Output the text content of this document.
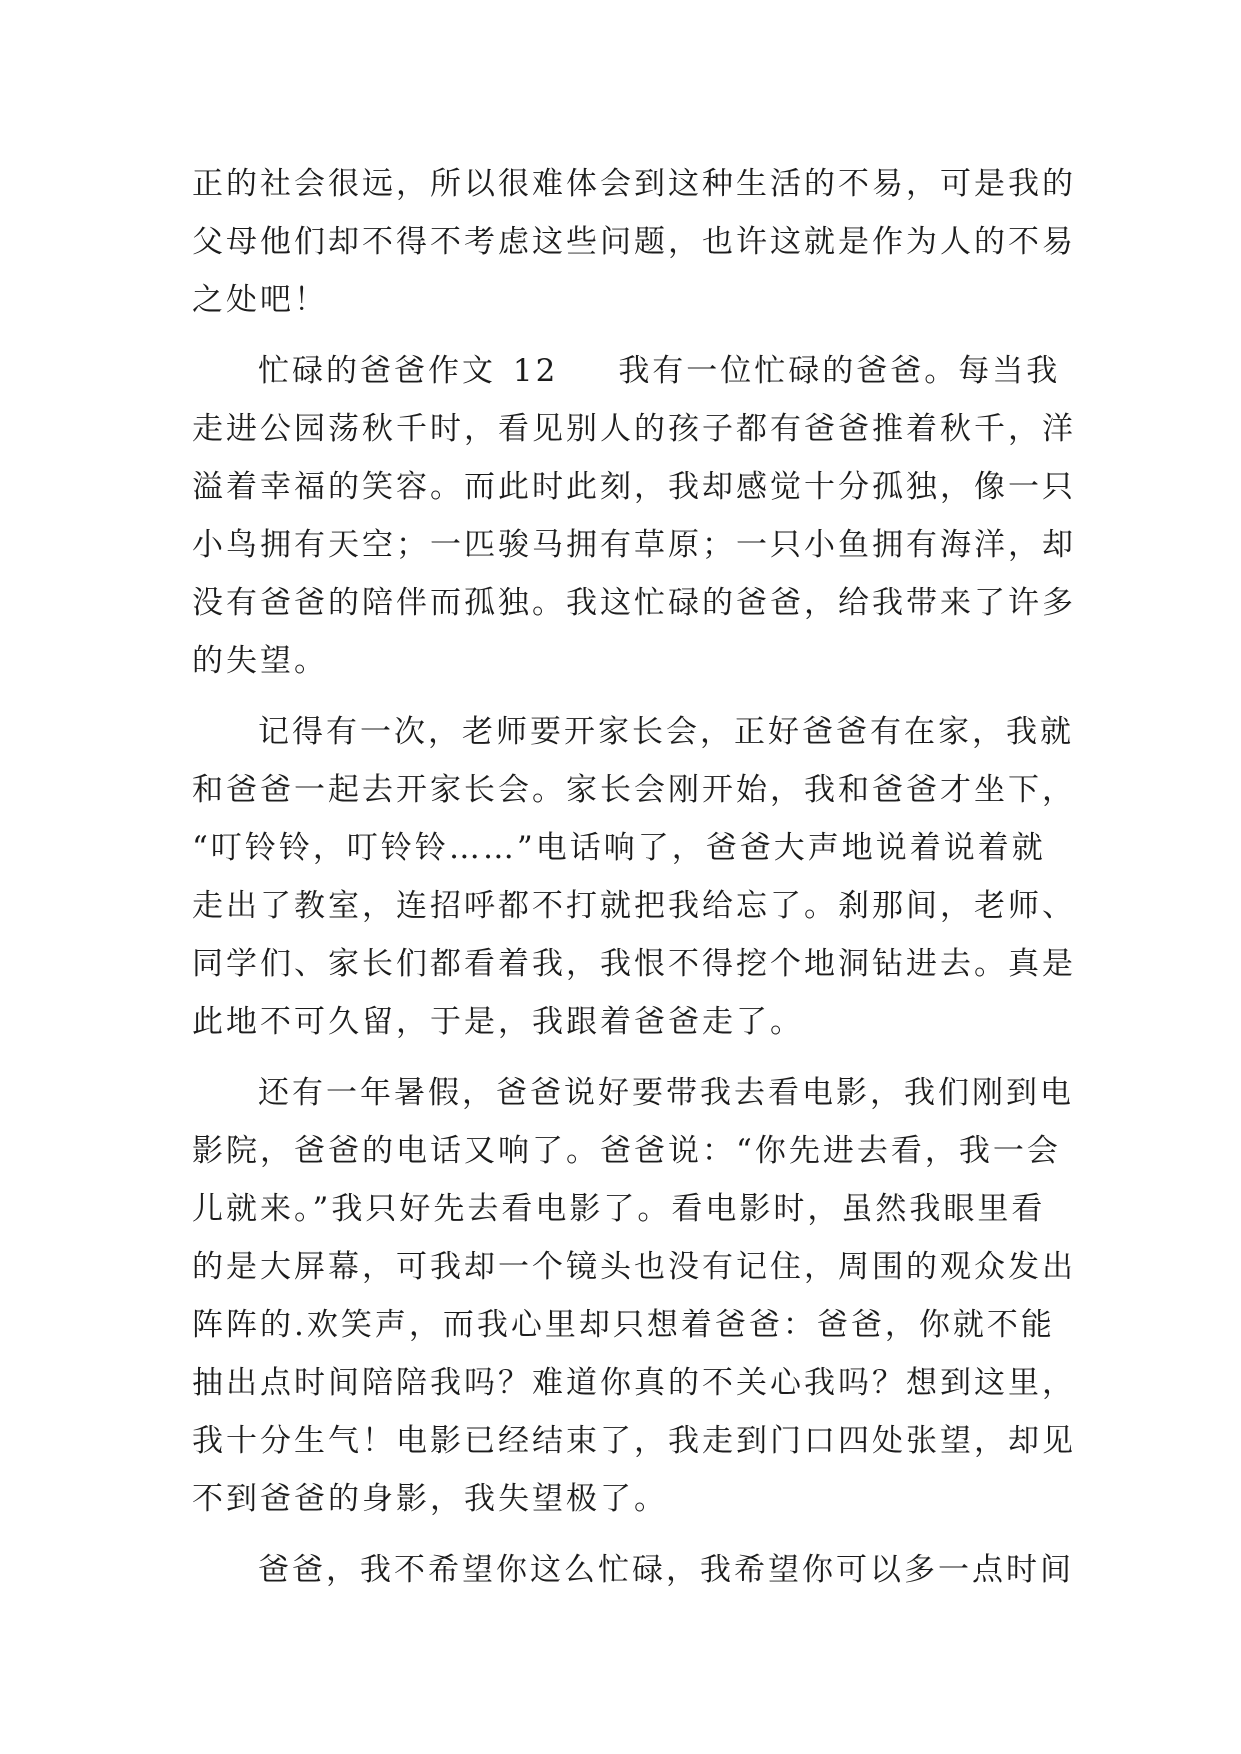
正的社会很远，所以很难体会到这种生活的不易，可是我的
父母他们却不得不考虑这些问题，也许这就是作为人的不易
之处吧！
忙碌的爸爸作文 12 我有一位忙碌的爸爸。每当我
走进公园荡秋千时，看见别人的孩子都有爸爸推着秋千，洋
溢着幸福的笑容。而此时此刻，我却感觉十分孤独，像一只
小鸟拥有天空；一匹骏马拥有草原；一只小鱼拥有海洋，却
没有爸爸的陪伴而孤独。我这忙碌的爸爸，给我带来了许多
的失望。
记得有一次，老师要开家长会，正好爸爸有在家，我就
和爸爸一起去开家长会。家长会刚开始，我和爸爸才坐下，
“叮铃铃，叮铃铃……”电话响了，爸爸大声地说着说着就
走出了教室，连招呼都不打就把我给忘了。刹那间，老师、
同学们、家长们都看着我，我恨不得挖个地洞钻进去。真是
此地不可久留，于是，我跟着爸爸走了。
还有一年暑假，爸爸说好要带我去看电影，我们刚到电
影院，爸爸的电话又响了。爸爸说：“你先进去看，我一会
儿就来。”我只好先去看电影了。看电影时，虽然我眼里看
的是大屏幕，可我却一个镜头也没有记住，周围的观众发出
阵阵的.欢笑声，而我心里却只想着爸爸：爸爸，你就不能
抽出点时间陪陪我吗？难道你真的不关心我吗？想到这里，
我十分生气！电影已经结束了，我走到门口四处张望，却见
不到爸爸的身影，我失望极了。
爸爸，我不希望你这么忙碌，我希望你可以多一点时间
